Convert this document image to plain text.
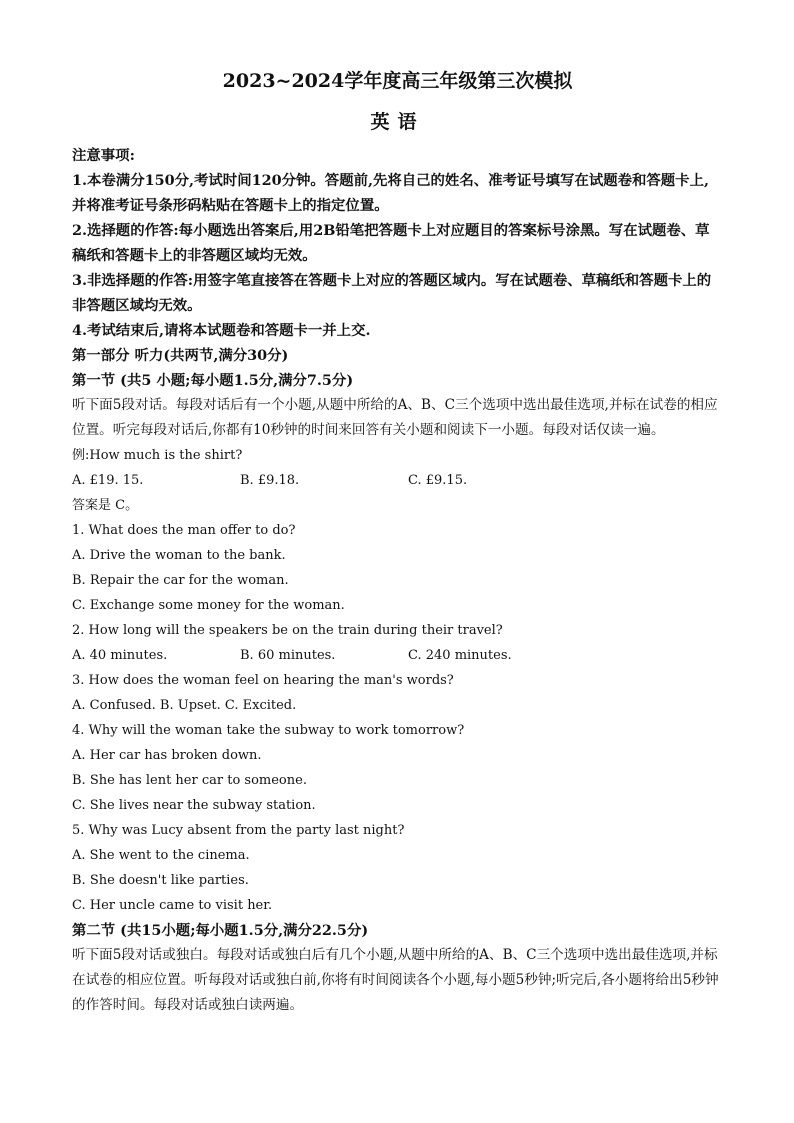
2023~2024学年度高三年级第三次模拟

英语

注意事项:

1.本卷满分150分,考试时间120分钟。答题前,先将自己的姓名、准考证号填写在试题卷和答题卡上,并将准考证号条形码粘贴在答题卡上的指定位置。

2.选择题的作答:每小题选出答案后,用2B铅笔把答题卡上对应题目的答案标号涂黑。写在试题卷、草稿纸和答题卡上的非答题区域均无效。

3.非选择题的作答:用签字笔直接答在答题卡上对应的答题区域内。写在试题卷、草稿纸和答题卡上的非答题区域均无效。

4.考试结束后,请将本试题卷和答题卡一并上交.

第一部分 听力(共两节,满分30分)

第一节 (共5 小题;每小题1.5分,满分7.5分)

听下面5段对话。每段对话后有一个小题,从题中所给的A、B、C三个选项中选出最佳选项,并标在试卷的相应位置。听完每段对话后,你都有10秒钟的时间来回答有关小题和阅读下一小题。每段对话仅读一遍。

例:How much is the shirt?

A. £19. 15.	B. £9.18.	C. £9.15.

答案是 C。

1. What does the man offer to do?

A. Drive the woman to the bank.

B. Repair the car for the woman.

C. Exchange some money for the woman.

2. How long will the speakers be on the train during their travel?

A. 40 minutes.	B. 60 minutes.	C. 240 minutes.

3. How does the woman feel on hearing the man's words?

A. Confused. B. Upset. C. Excited.

4. Why will the woman take the subway to work tomorrow?

A. Her car has broken down.

B. She has lent her car to someone.

C. She lives near the subway station.

5. Why was Lucy absent from the party last night?

A. She went to the cinema.

B. She doesn't like parties.

C. Her uncle came to visit her.

第二节 (共15小题;每小题1.5分,满分22.5分)

听下面5段对话或独白。每段对话或独白后有几个小题,从题中所给的A、B、C三个选项中选出最佳选项,并标在试卷的相应位置。听每段对话或独白前,你将有时间阅读各个小题,每小题5秒钟;听完后,各小题将给出5秒钟的作答时间。每段对话或独白读两遍。
